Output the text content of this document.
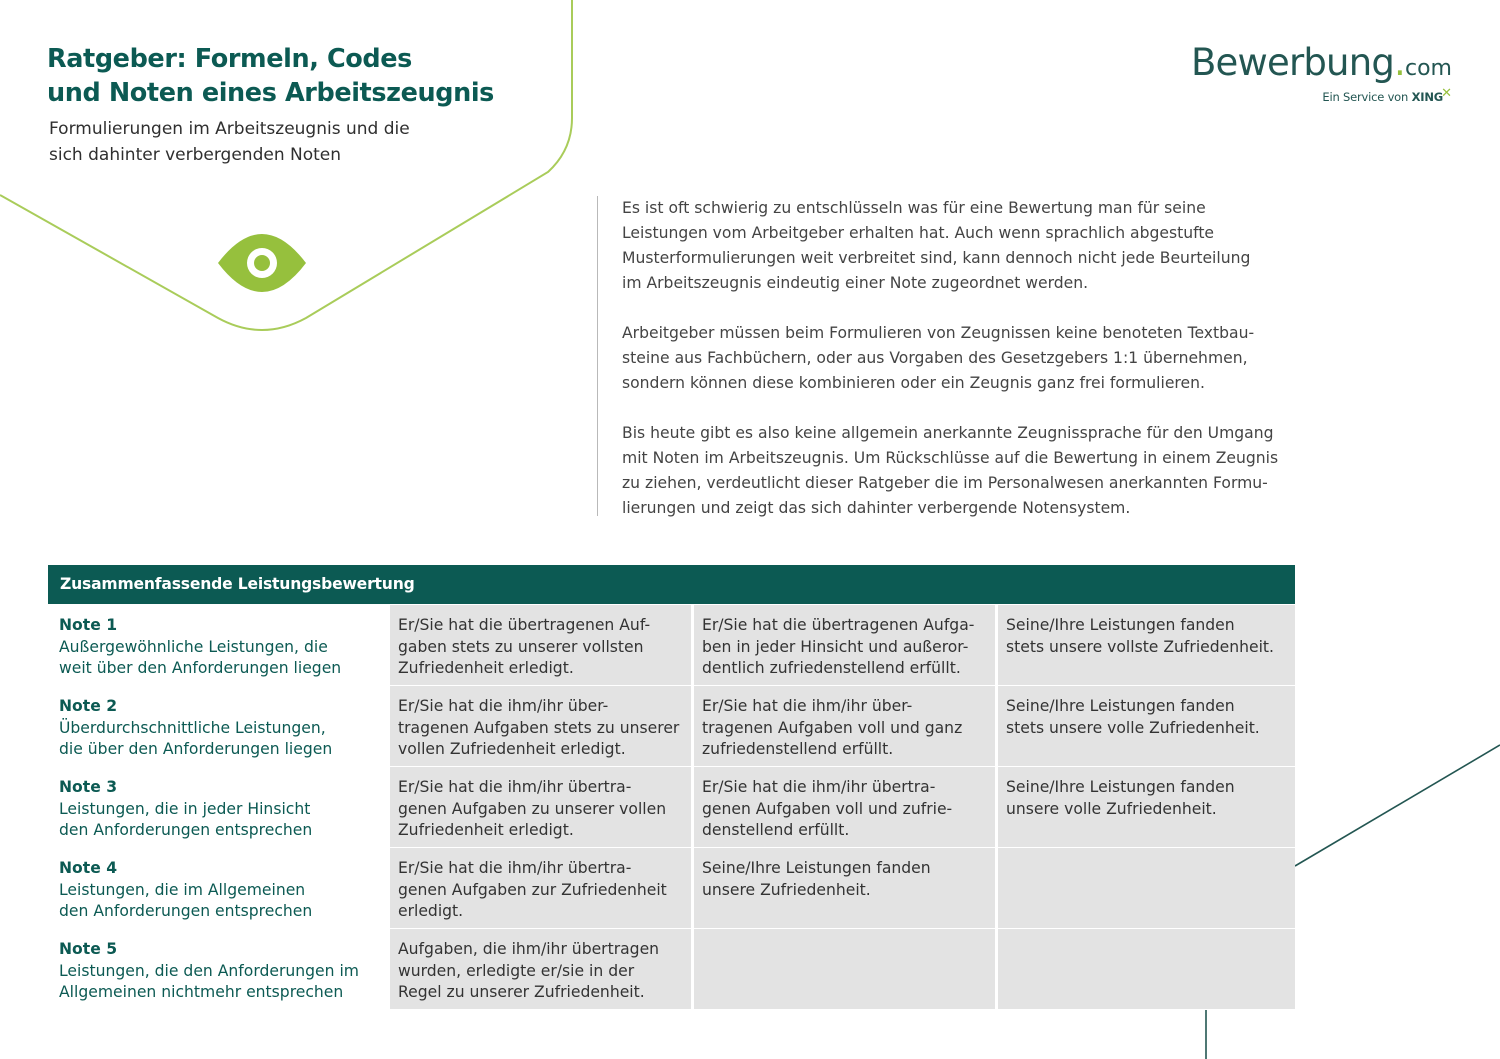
Ratgeber: Formeln, Codes
und Noten eines Arbeitszeugnis
Formulierungen im Arbeitszeugnis und die sich dahinter verbergenden Noten
Bewerbung.com
Ein Service von XING
✕

Es ist oft schwierig zu entschlüsseln was für eine Bewertung man für seine
Leistungen vom Arbeitgeber erhalten hat. Auch wenn sprachlich abgestufte
Musterformulierungen weit verbreitet sind, kann dennoch nicht jede Beurteilung
im Arbeitszeugnis eindeutig einer Note zugeordnet werden.

Arbeitgeber müssen beim Formulieren von Zeugnissen keine benoteten Textbau-
steine aus Fachbüchern, oder aus Vorgaben des Gesetzgebers 1:1 übernehmen,
sondern können diese kombinieren oder ein Zeugnis ganz frei formulieren.

Bis heute gibt es also keine allgemein anerkannte Zeugnissprache für den Umgang
mit Noten im Arbeitszeugnis. Um Rückschlüsse auf die Bewertung in einem Zeugnis
zu ziehen, verdeutlicht dieser Ratgeber die im Personalwesen anerkannten Formu-
lierungen und zeigt das sich dahinter verbergende Notensystem.

Zusammenfassende Leistungsbewertung
Note 1
Außergewöhnliche Leistungen, die
weit über den Anforderungen liegen
Er/Sie hat die übertragenen Auf-
gaben stets zu unserer vollsten
Zufriedenheit erledigt.
Er/Sie hat die übertragenen Aufga-
ben in jeder Hinsicht und außeror-
dentlich zufriedenstellend erfüllt.
Seine/Ihre Leistungen fanden
stets unsere vollste Zufriedenheit.
Note 2
Überdurchschnittliche Leistungen,
die über den Anforderungen liegen
Er/Sie hat die ihm/ihr über-
tragenen Aufgaben stets zu unserer
vollen Zufriedenheit erledigt.
Er/Sie hat die ihm/ihr über-
tragenen Aufgaben voll und ganz
zufriedenstellend erfüllt.
Seine/Ihre Leistungen fanden
stets unsere volle Zufriedenheit.
Note 3
Leistungen, die in jeder Hinsicht
den Anforderungen entsprechen
Er/Sie hat die ihm/ihr übertra-
genen Aufgaben zu unserer vollen
Zufriedenheit erledigt.
Er/Sie hat die ihm/ihr übertra-
genen Aufgaben voll und zufrie-
denstellend erfüllt.
Seine/Ihre Leistungen fanden
unsere volle Zufriedenheit.
Note 4
Leistungen, die im Allgemeinen
den Anforderungen entsprechen
Er/Sie hat die ihm/ihr übertra-
genen Aufgaben zur Zufriedenheit
erledigt.
Seine/Ihre Leistungen fanden
unsere Zufriedenheit.
Note 5
Leistungen, die den Anforderungen im
Allgemeinen nichtmehr entsprechen
Aufgaben, die ihm/ihr übertragen
wurden, erledigte er/sie in der
Regel zu unserer Zufriedenheit.
